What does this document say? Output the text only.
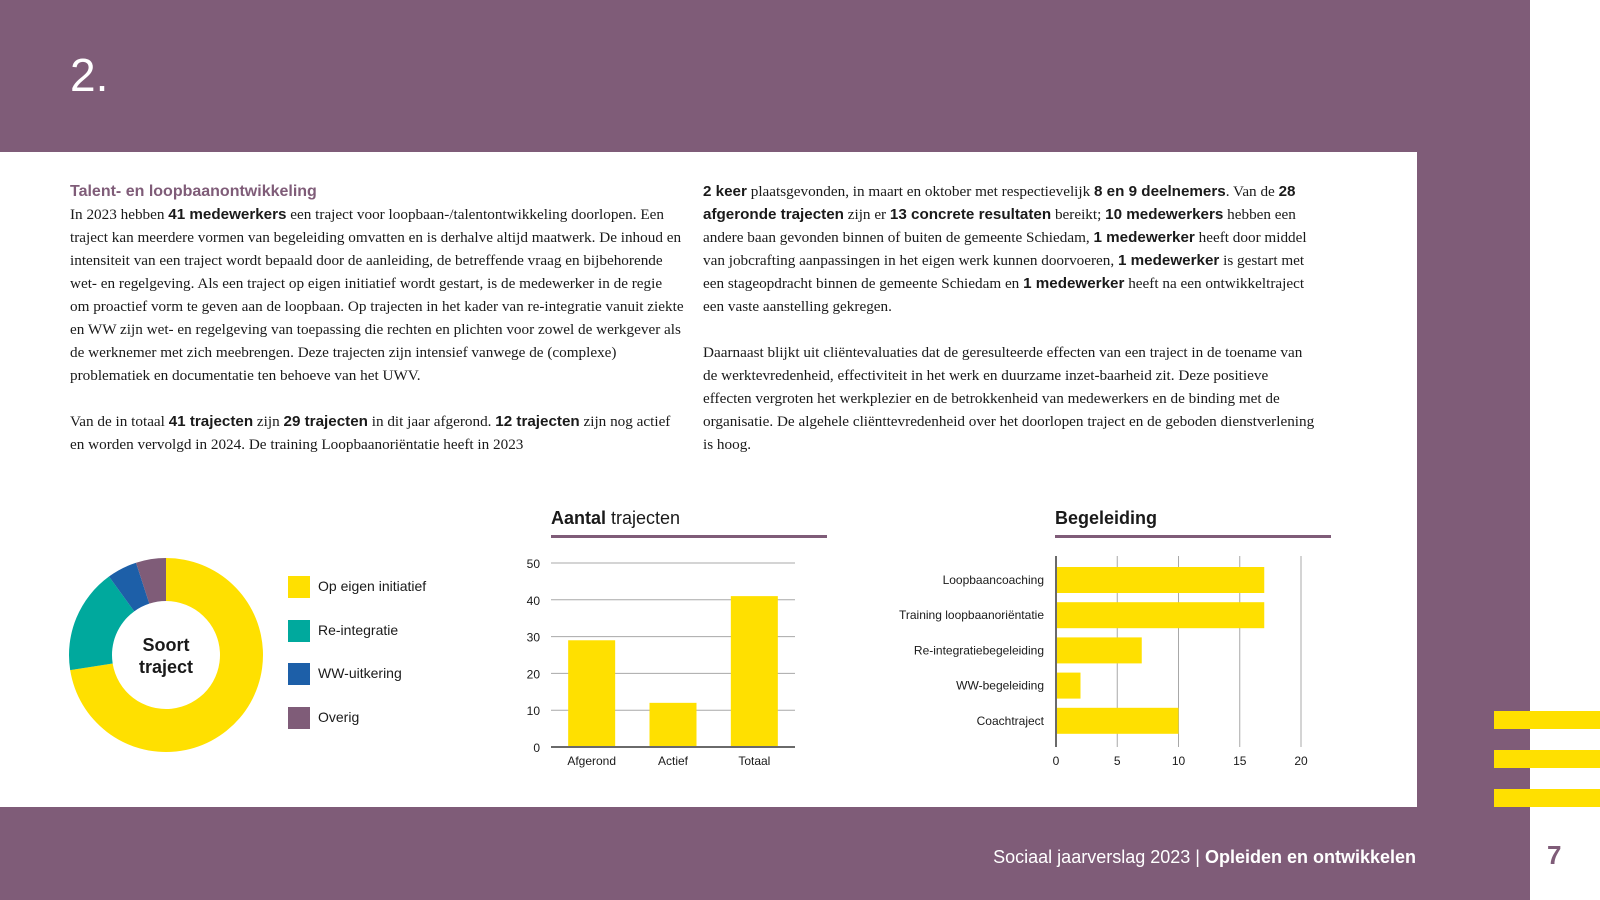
2.
Talent- en loopbaanontwikkeling

In 2023 hebben 41 medewerkers een traject voor loopbaan-/talentontwikkeling doorlopen. Een traject kan meerdere vormen van begeleiding omvatten en is derhalve altijd maatwerk. De inhoud en intensiteit van een traject wordt bepaald door de aanleiding, de betreffende vraag en bijbehorende wet- en regelgeving. Als een traject op eigen initiatief wordt gestart, is de medewerker in de regie om proactief vorm te geven aan de loopbaan. Op trajecten in het kader van re-integratie vanuit ziekte en WW zijn wet- en regelgeving van toepassing die rechten en plichten voor zowel de werkgever als de werknemer met zich meebrengen. Deze trajecten zijn intensief vanwege de (complexe) problematiek en documentatie ten behoeve van het UWV.

Van de in totaal 41 trajecten zijn 29 trajecten in dit jaar afgerond. 12 trajecten zijn nog actief en worden vervolgd in 2024. De training Loopbaanoriëntatie heeft in 2023

2 keer plaatsgevonden, in maart en oktober met respectievelijk 8 en 9 deelnemers. Van de 28 afgeronde trajecten zijn er 13 concrete resultaten bereikt; 10 medewerkers hebben een andere baan gevonden binnen of buiten de gemeente Schiedam, 1 medewerker heeft door middel van jobcrafting aanpassingen in het eigen werk kunnen doorvoeren, 1 medewerker is gestart met een stageopdracht binnen de gemeente Schiedam en 1 medewerker heeft na een ontwikkeltraject een vaste aanstelling gekregen.

Daarnaast blijkt uit cliëntevaluaties dat de geresulteerde effecten van een traject in de toename van de werktevredenheid, effectiviteit in het werk en duurzame inzet-baarheid zit. Deze positieve effecten vergroten het werkplezier en de betrokkenheid van medewerkers en de binding met de organisatie. De algehele cliënttevredenheid over het doorlopen traject en de geboden dienstverlening is hoog.

Soort
traject
Op eigen initiatief
Re-integratie
WW-uitkering
Overig
Aantal trajecten
0
10
20
30
40
50
Afgerond	Actief	Totaal
Begeleiding
0	5	10	15	20
Loopbaancoaching
Training loopbaanoriëntatie
Re-integratiebegeleiding
WW-begeleiding
Coachtraject
Sociaal jaarverslag 2023 | Opleiden en ontwikkelen	7
